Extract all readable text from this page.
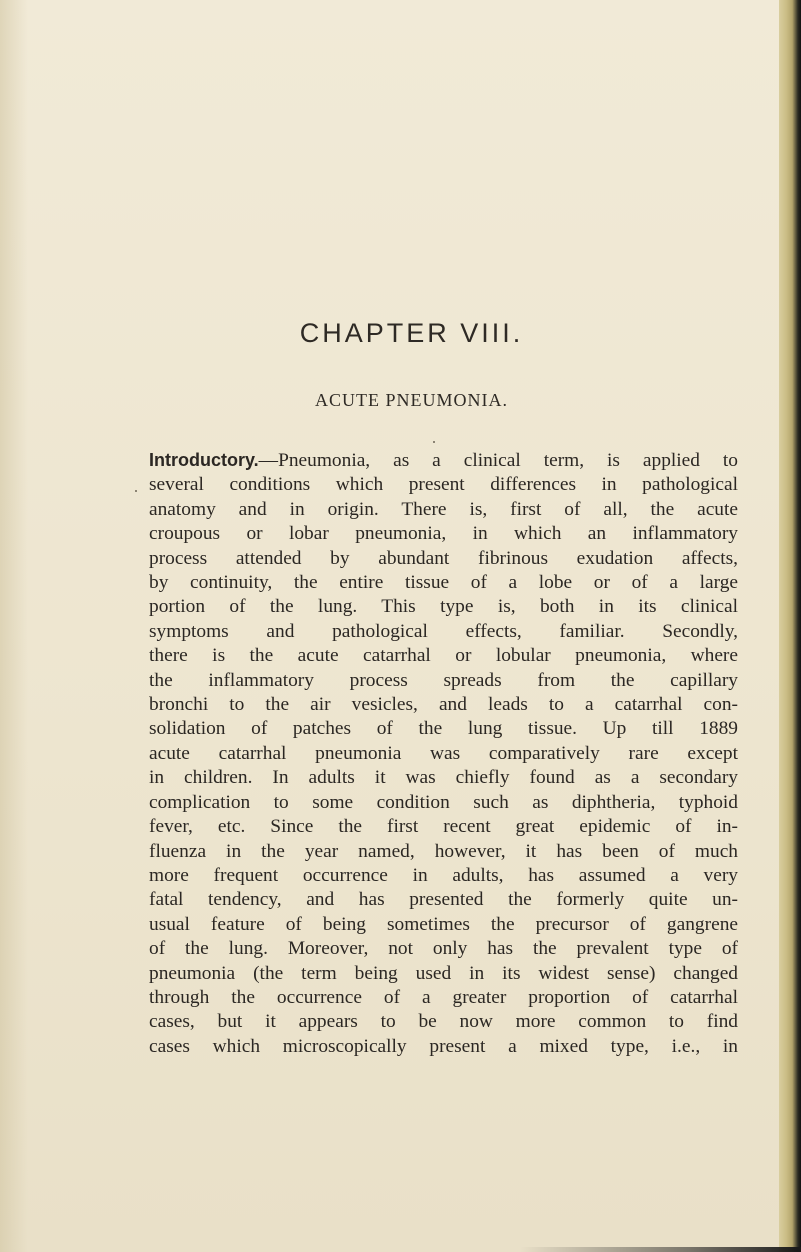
CHAPTER VIII.
ACUTE PNEUMONIA.
Introductory.—Pneumonia, as a clinical term, is applied to
several conditions which present differences in pathological
anatomy and in origin. There is, first of all, the acute
croupous or lobar pneumonia, in which an inflammatory
process attended by abundant fibrinous exudation affects,
by continuity, the entire tissue of a lobe or of a large
portion of the lung. This type is, both in its clinical
symptoms and pathological effects, familiar. Secondly,
there is the acute catarrhal or lobular pneumonia, where
the inflammatory process spreads from the capillary
bronchi to the air vesicles, and leads to a catarrhal con-
solidation of patches of the lung tissue. Up till 1889
acute catarrhal pneumonia was comparatively rare except
in children. In adults it was chiefly found as a secondary
complication to some condition such as diphtheria, typhoid
fever, etc. Since the first recent great epidemic of in-
fluenza in the year named, however, it has been of much
more frequent occurrence in adults, has assumed a very
fatal tendency, and has presented the formerly quite un-
usual feature of being sometimes the precursor of gangrene
of the lung. Moreover, not only has the prevalent type of
pneumonia (the term being used in its widest sense) changed
through the occurrence of a greater proportion of catarrhal
cases, but it appears to be now more common to find
cases which microscopically present a mixed type, i.e., in
